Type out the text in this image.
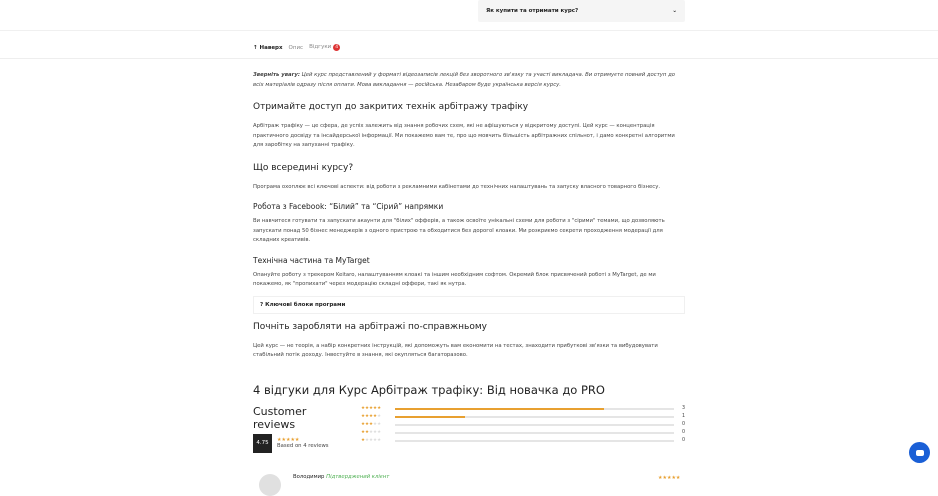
Як купити та отримати курс?	⌄
↑ Наверх Опис Відгуки 4

Зверніть увагу: Цей курс представлений у форматі відеозаписів лекцій без зворотного зв'язку та участі викладача. Ви отримуєте повний доступ до всіх матеріалів одразу після оплати. Мова викладання — російська. Незабаром буде українська версія курсу.

Отримайте доступ до закритих технік арбітражу трафіку

Арбітраж трафіку — це сфера, де успіх залежить від знання робочих схем, які не афішуються у відкритому доступі. Цей курс — концентрація практичного досвіду та інсайдерської інформації. Ми покажемо вам те, про що мовчить більшість арбітражних спільнот, і дамо конкретні алгоритми для заробітку на запуханні трафіку.

Що всередині курсу?

Програма охоплює всі ключові аспекти: від роботи з рекламними кабінетами до технічних налаштувань та запуску власного товарного бізнесу.

Робота з Facebook: “Білий” та “Сірий” напрямки

Ви навчитеся готувати та запускати акаунти для "білих" офферів, а також освоїте унікальні схеми для роботи з "сірими" темами, що дозволяють запускати понад 50 бізнес менеджерів з одного пристрою та обходитися без дорогої клоаки. Ми розкриємо секрети проходження модерації для складних креативів.

Технічна частина та MyTarget

Опануйте роботу з трекером Keitaro, налаштуванням клоакі та іншим необхідним софтом. Окремий блок присвячений роботі з MyTarget, де ми покажемо, як "пропихати" через модерацію складні оффери, такі як нутра.

? Ключові блоки програми
Почніть заробляти на арбітражі по-справжньому

Цей курс — не теорія, а набір конкретних інструкцій, які допоможуть вам економити на тестах, знаходити прибуткові зв'язки та вибудовувати стабільний потік доходу. Інвестуйте в знання, які окупляться багаторазово.

4 відгуки для Курс Арбітраж трафіку: Від новачка до PRO
Customer reviews
4.75	★★★★★
Based on 4 reviews
★★★★★	3
★★★★★	1
★★★★★	0
★★★★★	0
★★★★★	0
Володимир Підтверджений клієнт	★★★★★
